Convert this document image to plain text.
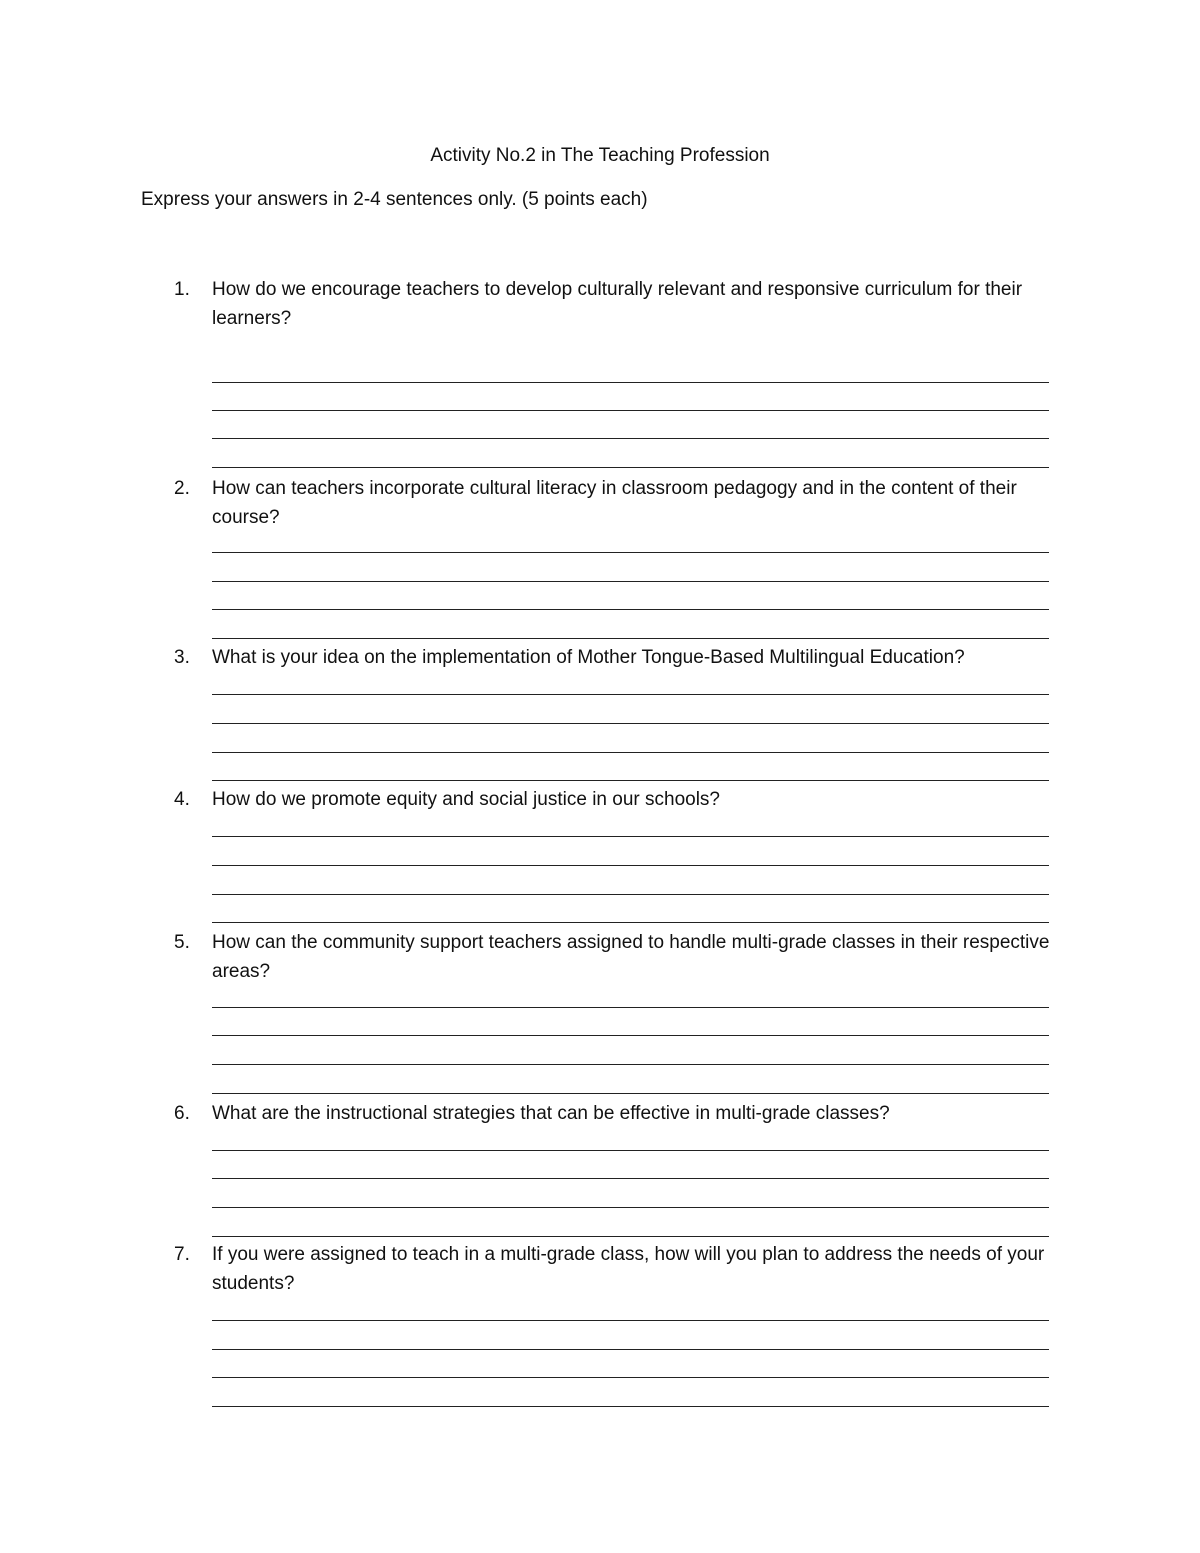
Activity No.2 in The Teaching Profession
Express your answers in 2-4 sentences only. (5 points each)
1. How do we encourage teachers to develop culturally relevant and responsive curriculum for their learners?
2. How can teachers incorporate cultural literacy in classroom pedagogy and in the content of their course?
3. What is your idea on the implementation of Mother Tongue-Based Multilingual Education?
4. How do we promote equity and social justice in our schools?
5. How can the community support teachers assigned to handle multi-grade classes in their respective areas?
6. What are the instructional strategies that can be effective in multi-grade classes?
7. If you were assigned to teach in a multi-grade class, how will you plan to address the needs of your students?
